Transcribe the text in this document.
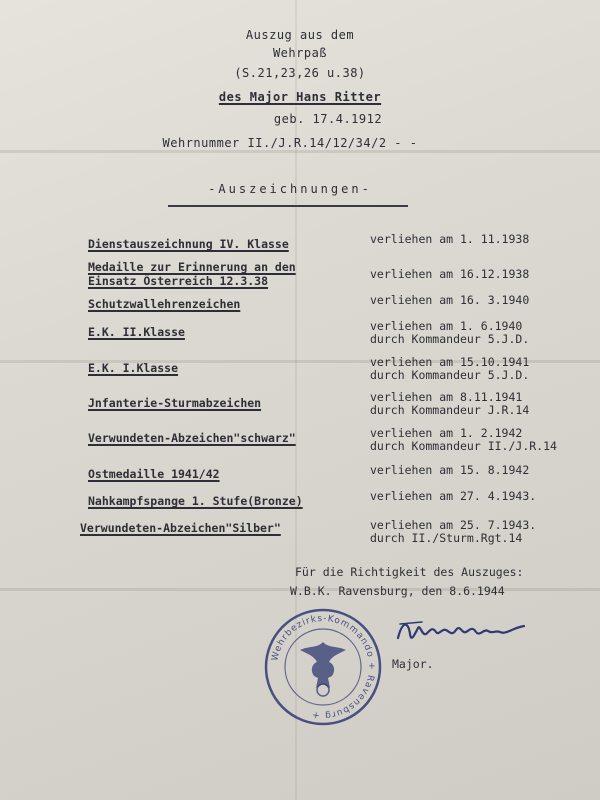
Auszug aus dem
Wehrpaß
(S.21,23,26 u.38)
des Major Hans Ritter
geb. 17.4.1912
Wehrnummer II./J.R.14/12/34/2 - -
-Auszeichnungen-
Dienstauszeichnung IV. Klasse	verliehen am 1. 11.1938
Medaille zur Erinnerung an den
Einsatz Österreich 12.3.38	verliehen am 16.12.1938
Schutzwallehrenzeichen	verliehen am 16. 3.1940
E.K. II.Klasse	verliehen am 1. 6.1940
durch Kommandeur 5.J.D.
E.K. I.Klasse	verliehen am 15.10.1941
durch Kommandeur 5.J.D.
Jnfanterie-Sturmabzeichen	verliehen am 8.11.1941
durch Kommandeur J.R.14
Verwundeten-Abzeichen"schwarz"	verliehen am 1. 2.1942
durch Kommandeur II./J.R.14
Ostmedaille 1941/42	verliehen am 15. 8.1942
Nahkampfspange 1. Stufe(Bronze)	verliehen am 27. 4.1943.
Verwundeten-Abzeichen"Silber"	verliehen am 25. 7.1943.
durch II./Sturm.Rgt.14
Für die Richtigkeit des Auszuges:
W.B.K. Ravensburg, den 8.6.1944
Major.
Wehrbezirks-Kommando + Ravensburg +
